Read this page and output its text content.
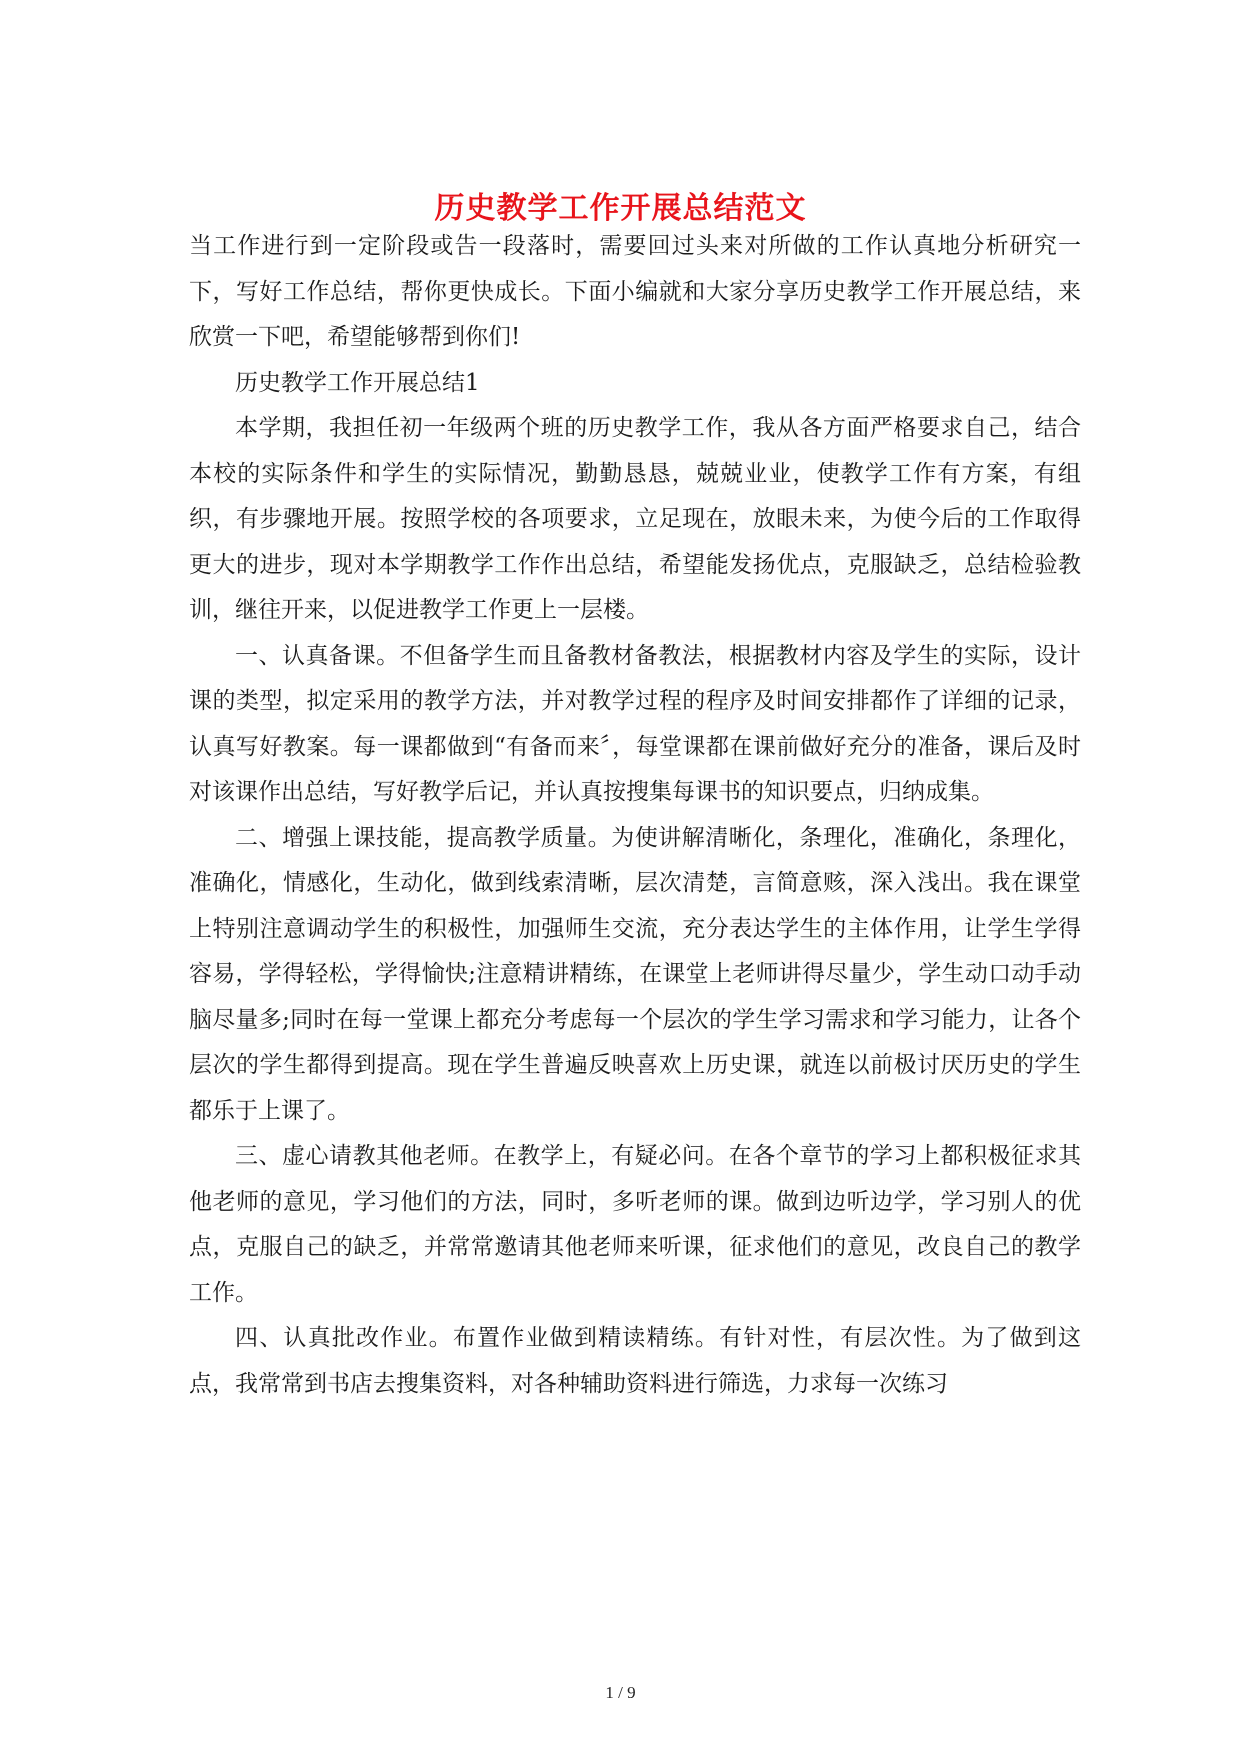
历史教学工作开展总结范文

当工作进行到一定阶段或告一段落时，需要回过头来对所做的工作认真地分析研究一下，写好工作总结，帮你更快成长。下面小编就和大家分享历史教学工作开展总结，来欣赏一下吧，希望能够帮到你们!

历史教学工作开展总结1

本学期，我担任初一年级两个班的历史教学工作，我从各方面严格要求自己，结合本校的实际条件和学生的实际情况，勤勤恳恳，兢兢业业，使教学工作有方案，有组织，有步骤地开展。按照学校的各项要求，立足现在，放眼未来，为使今后的工作取得更大的进步，现对本学期教学工作作出总结，希望能发扬优点，克服缺乏，总结检验教训，继往开来，以促进教学工作更上一层楼。

一、认真备课。不但备学生而且备教材备教法，根据教材内容及学生的实际，设计课的类型，拟定采用的教学方法，并对教学过程的程序及时间安排都作了详细的记录，认真写好教案。每一课都做到“有备而来〞，每堂课都在课前做好充分的准备，课后及时对该课作出总结，写好教学后记，并认真按搜集每课书的知识要点，归纳成集。

二、增强上课技能，提高教学质量。为使讲解清晰化，条理化，准确化，条理化，准确化，情感化，生动化，做到线索清晰，层次清楚，言简意赅，深入浅出。我在课堂上特别注意调动学生的积极性，加强师生交流，充分表达学生的主体作用，让学生学得容易，学得轻松，学得愉快;注意精讲精练，在课堂上老师讲得尽量少，学生动口动手动脑尽量多;同时在每一堂课上都充分考虑每一个层次的学生学习需求和学习能力，让各个层次的学生都得到提高。现在学生普遍反映喜欢上历史课，就连以前极讨厌历史的学生都乐于上课了。

三、虚心请教其他老师。在教学上，有疑必问。在各个章节的学习上都积极征求其他老师的意见，学习他们的方法，同时，多听老师的课。做到边听边学，学习别人的优点，克服自己的缺乏，并常常邀请其他老师来听课，征求他们的意见，改良自己的教学工作。

四、认真批改作业。布置作业做到精读精练。有针对性，有层次性。为了做到这点，我常常到书店去搜集资料，对各种辅助资料进行筛选，力求每一次练习

1 / 9
